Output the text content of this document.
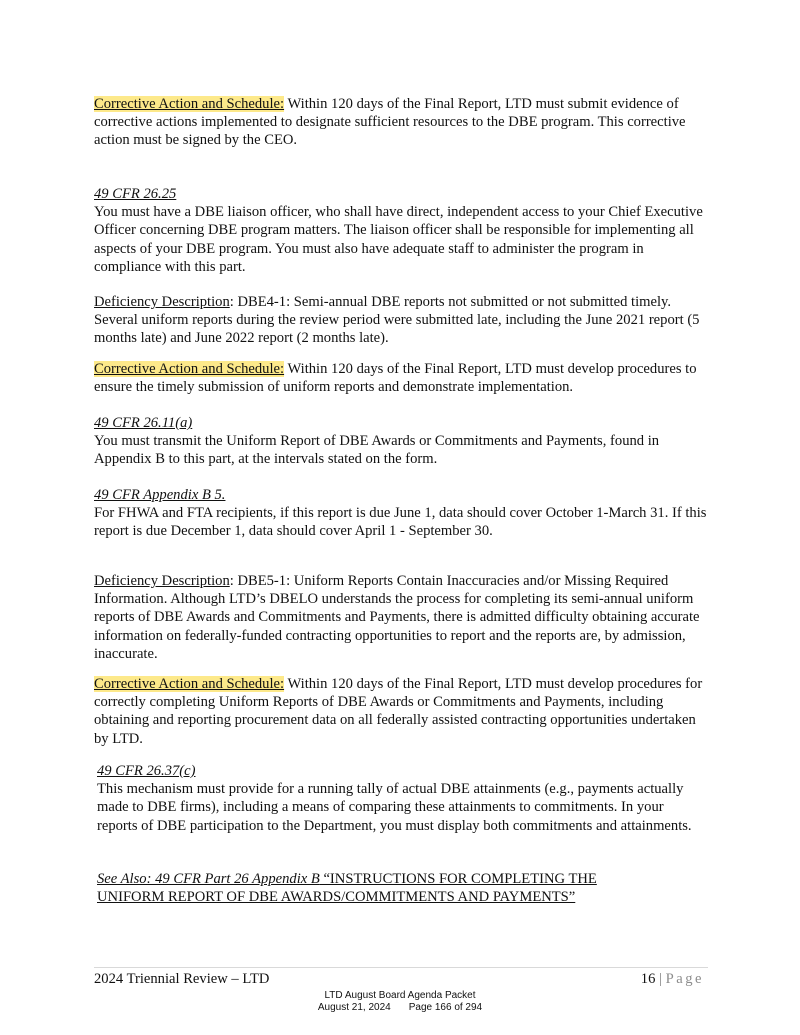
Corrective Action and Schedule: Within 120 days of the Final Report, LTD must submit evidence of corrective actions implemented to designate sufficient resources to the DBE program. This corrective action must be signed by the CEO.
49 CFR 26.25
You must have a DBE liaison officer, who shall have direct, independent access to your Chief Executive Officer concerning DBE program matters. The liaison officer shall be responsible for implementing all aspects of your DBE program. You must also have adequate staff to administer the program in compliance with this part.
Deficiency Description: DBE4-1: Semi-annual DBE reports not submitted or not submitted timely. Several uniform reports during the review period were submitted late, including the June 2021 report (5 months late) and June 2022 report (2 months late).
Corrective Action and Schedule: Within 120 days of the Final Report, LTD must develop procedures to ensure the timely submission of uniform reports and demonstrate implementation.
49 CFR 26.11(a)
You must transmit the Uniform Report of DBE Awards or Commitments and Payments, found in Appendix B to this part, at the intervals stated on the form.
49 CFR Appendix B 5.
For FHWA and FTA recipients, if this report is due June 1, data should cover October 1-March 31. If this report is due December 1, data should cover April 1 - September 30.
Deficiency Description: DBE5-1: Uniform Reports Contain Inaccuracies and/or Missing Required Information. Although LTD’s DBELO understands the process for completing its semi-annual uniform reports of DBE Awards and Commitments and Payments, there is admitted difficulty obtaining accurate information on federally-funded contracting opportunities to report and the reports are, by admission, inaccurate.
Corrective Action and Schedule: Within 120 days of the Final Report, LTD must develop procedures for correctly completing Uniform Reports of DBE Awards or Commitments and Payments, including obtaining and reporting procurement data on all federally assisted contracting opportunities undertaken by LTD.
49 CFR 26.37(c)
This mechanism must provide for a running tally of actual DBE attainments (e.g., payments actually made to DBE firms), including a means of comparing these attainments to commitments. In your reports of DBE participation to the Department, you must display both commitments and attainments.
See Also: 49 CFR Part 26 Appendix B “INSTRUCTIONS FOR COMPLETING THE UNIFORM REPORT OF DBE AWARDS/COMMITMENTS AND PAYMENTS”
2024 Triennial Review – LTD	16 | Page
LTD August Board Agenda Packet
August 21, 2024 Page 166 of 294
